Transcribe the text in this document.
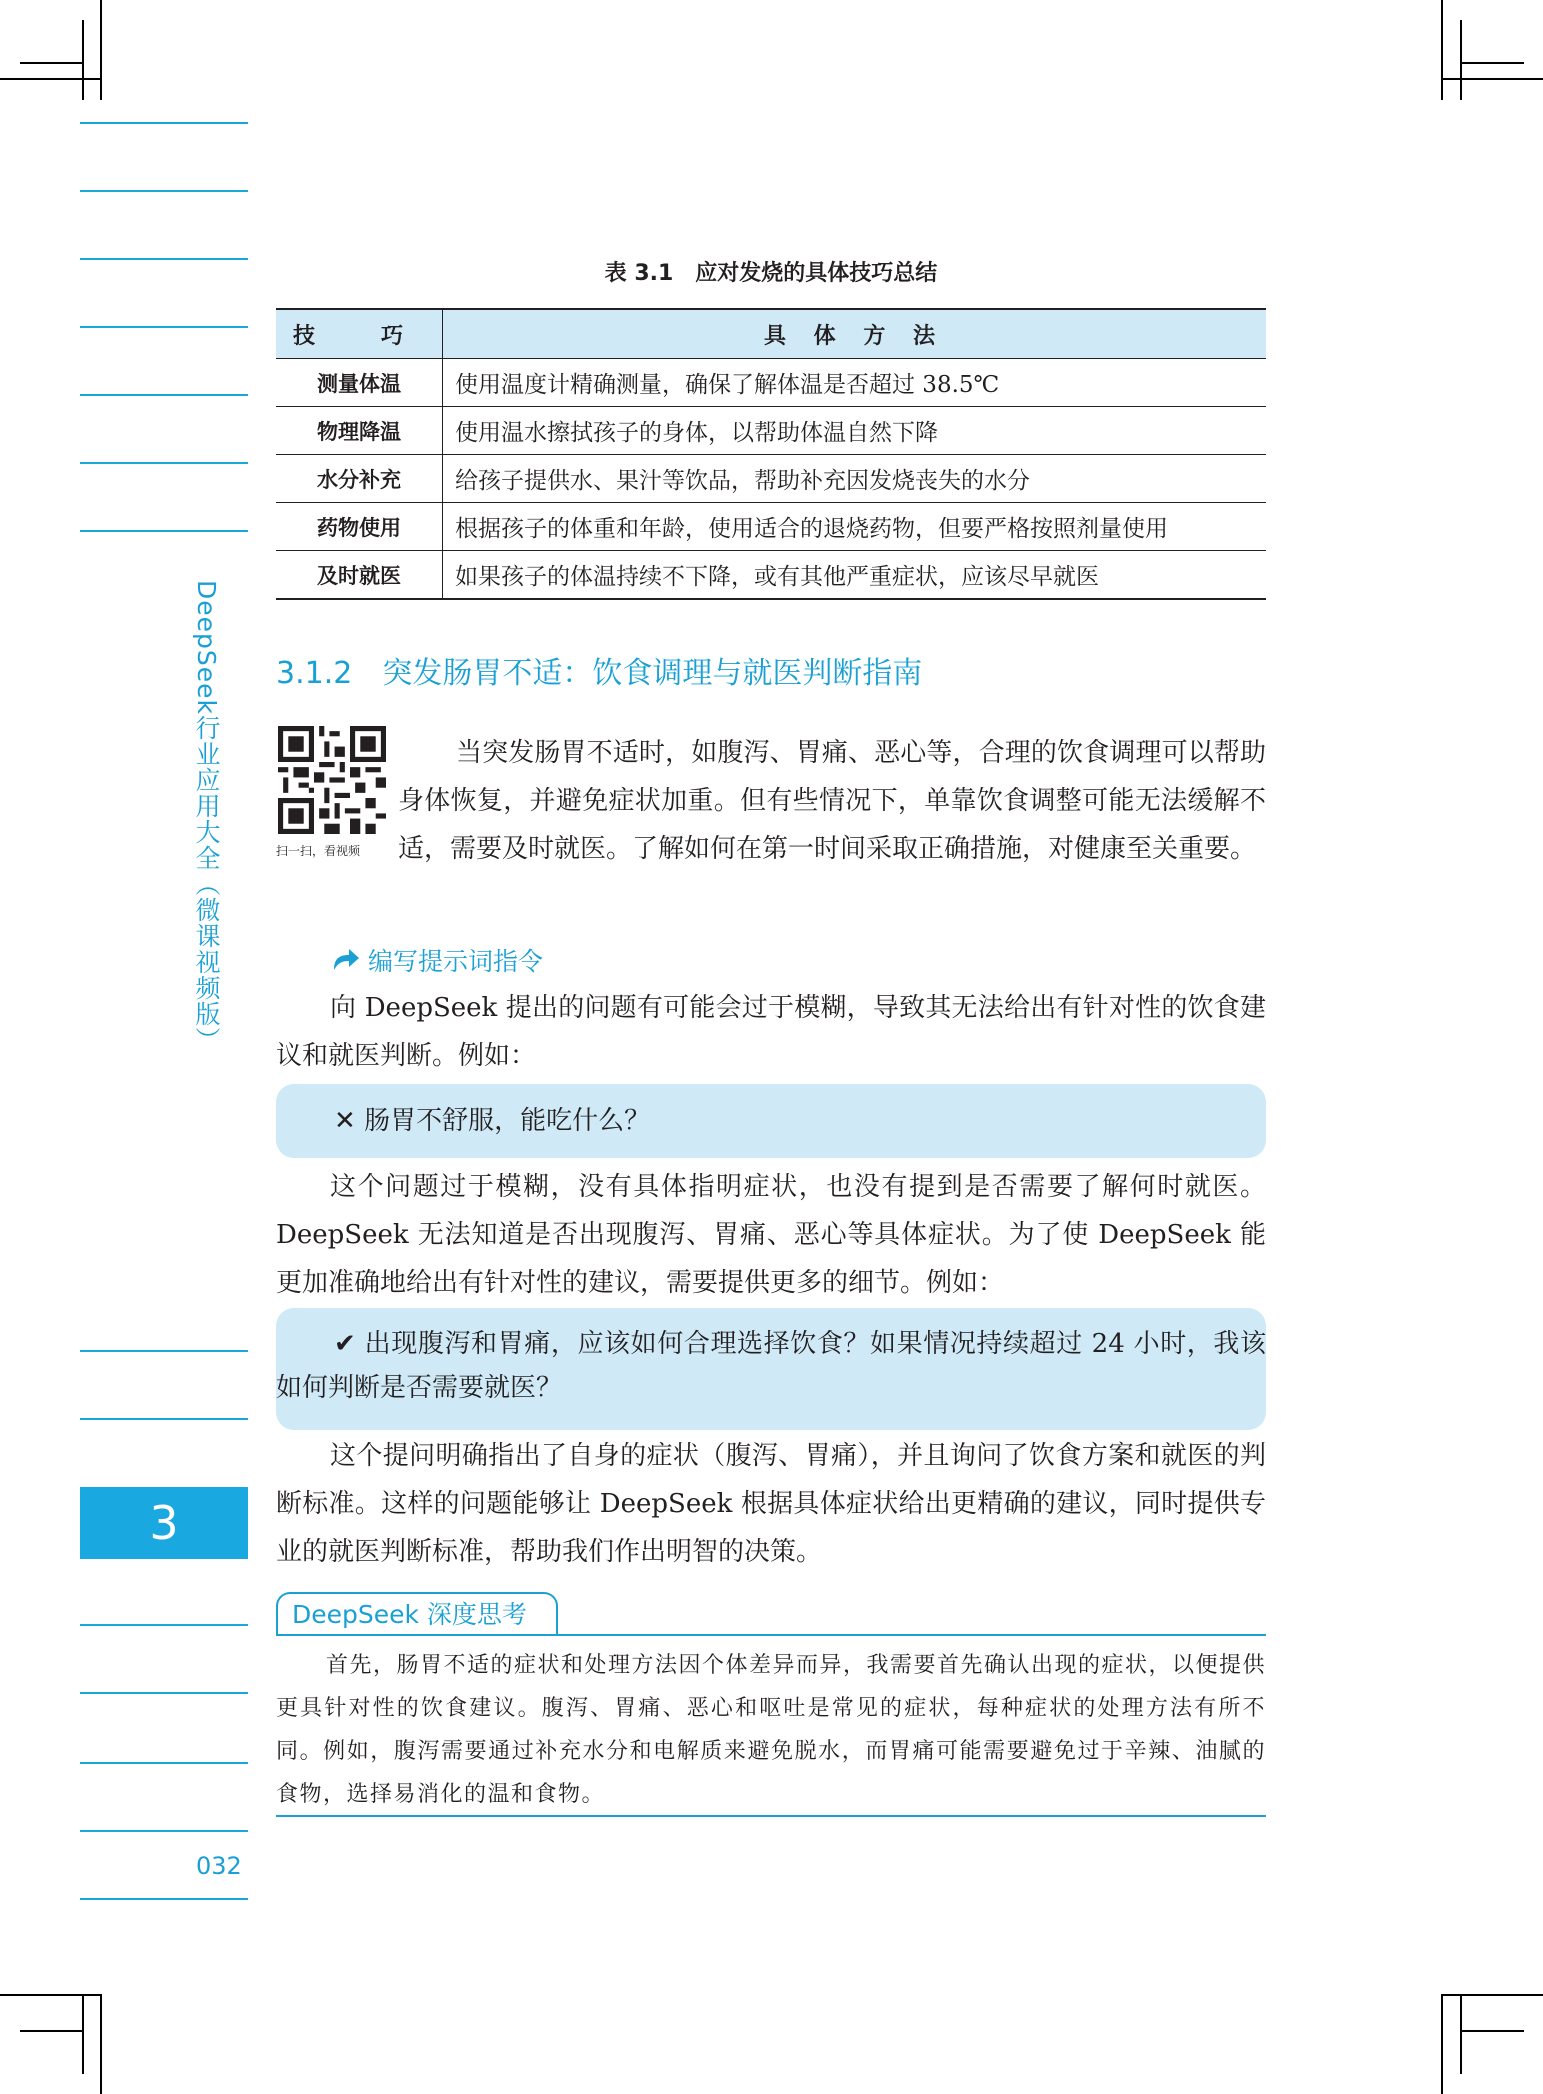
DeepSeek行业应用大全（微课视频版）
3
032
表 3.1　应对发烧的具体技巧总结
技　巧	具 体 方 法
测量体温	使用温度计精确测量，确保了解体温是否超过 38.5℃
物理降温	使用温水擦拭孩子的身体，以帮助体温自然下降
水分补充	给孩子提供水、果汁等饮品，帮助补充因发烧丧失的水分
药物使用	根据孩子的体重和年龄，使用适合的退烧药物，但要严格按照剂量使用
及时就医	如果孩子的体温持续不下降，或有其他严重症状，应该尽早就医
3.1.2　突发肠胃不适：饮食调理与就医判断指南
扫一扫，看视频
当突发肠胃不适时，如腹泻、胃痛、恶心等，合理的饮食调理可以帮助身体恢复，并避免症状加重。但有些情况下，单靠饮食调整可能无法缓解不适，需要及时就医。了解如何在第一时间采取正确措施，对健康至关重要。
编写提示词指令
向 DeepSeek 提出的问题有可能会过于模糊，导致其无法给出有针对性的饮食建议和就医判断。例如：
✕ 肠胃不舒服，能吃什么？
这个问题过于模糊，没有具体指明症状，也没有提到是否需要了解何时就医。DeepSeek 无法知道是否出现腹泻、胃痛、恶心等具体症状。为了使 DeepSeek 能更加准确地给出有针对性的建议，需要提供更多的细节。例如：
✔ 出现腹泻和胃痛，应该如何合理选择饮食？如果情况持续超过 24 小时，我该如何判断是否需要就医？
这个提问明确指出了自身的症状（腹泻、胃痛），并且询问了饮食方案和就医的判断标准。这样的问题能够让 DeepSeek 根据具体症状给出更精确的建议，同时提供专业的就医判断标准，帮助我们作出明智的决策。
DeepSeek 深度思考
首先，肠胃不适的症状和处理方法因个体差异而异，我需要首先确认出现的症状，以便提供更具针对性的饮食建议。腹泻、胃痛、恶心和呕吐是常见的症状，每种症状的处理方法有所不同。例如，腹泻需要通过补充水分和电解质来避免脱水，而胃痛可能需要避免过于辛辣、油腻的食物，选择易消化的温和食物。
